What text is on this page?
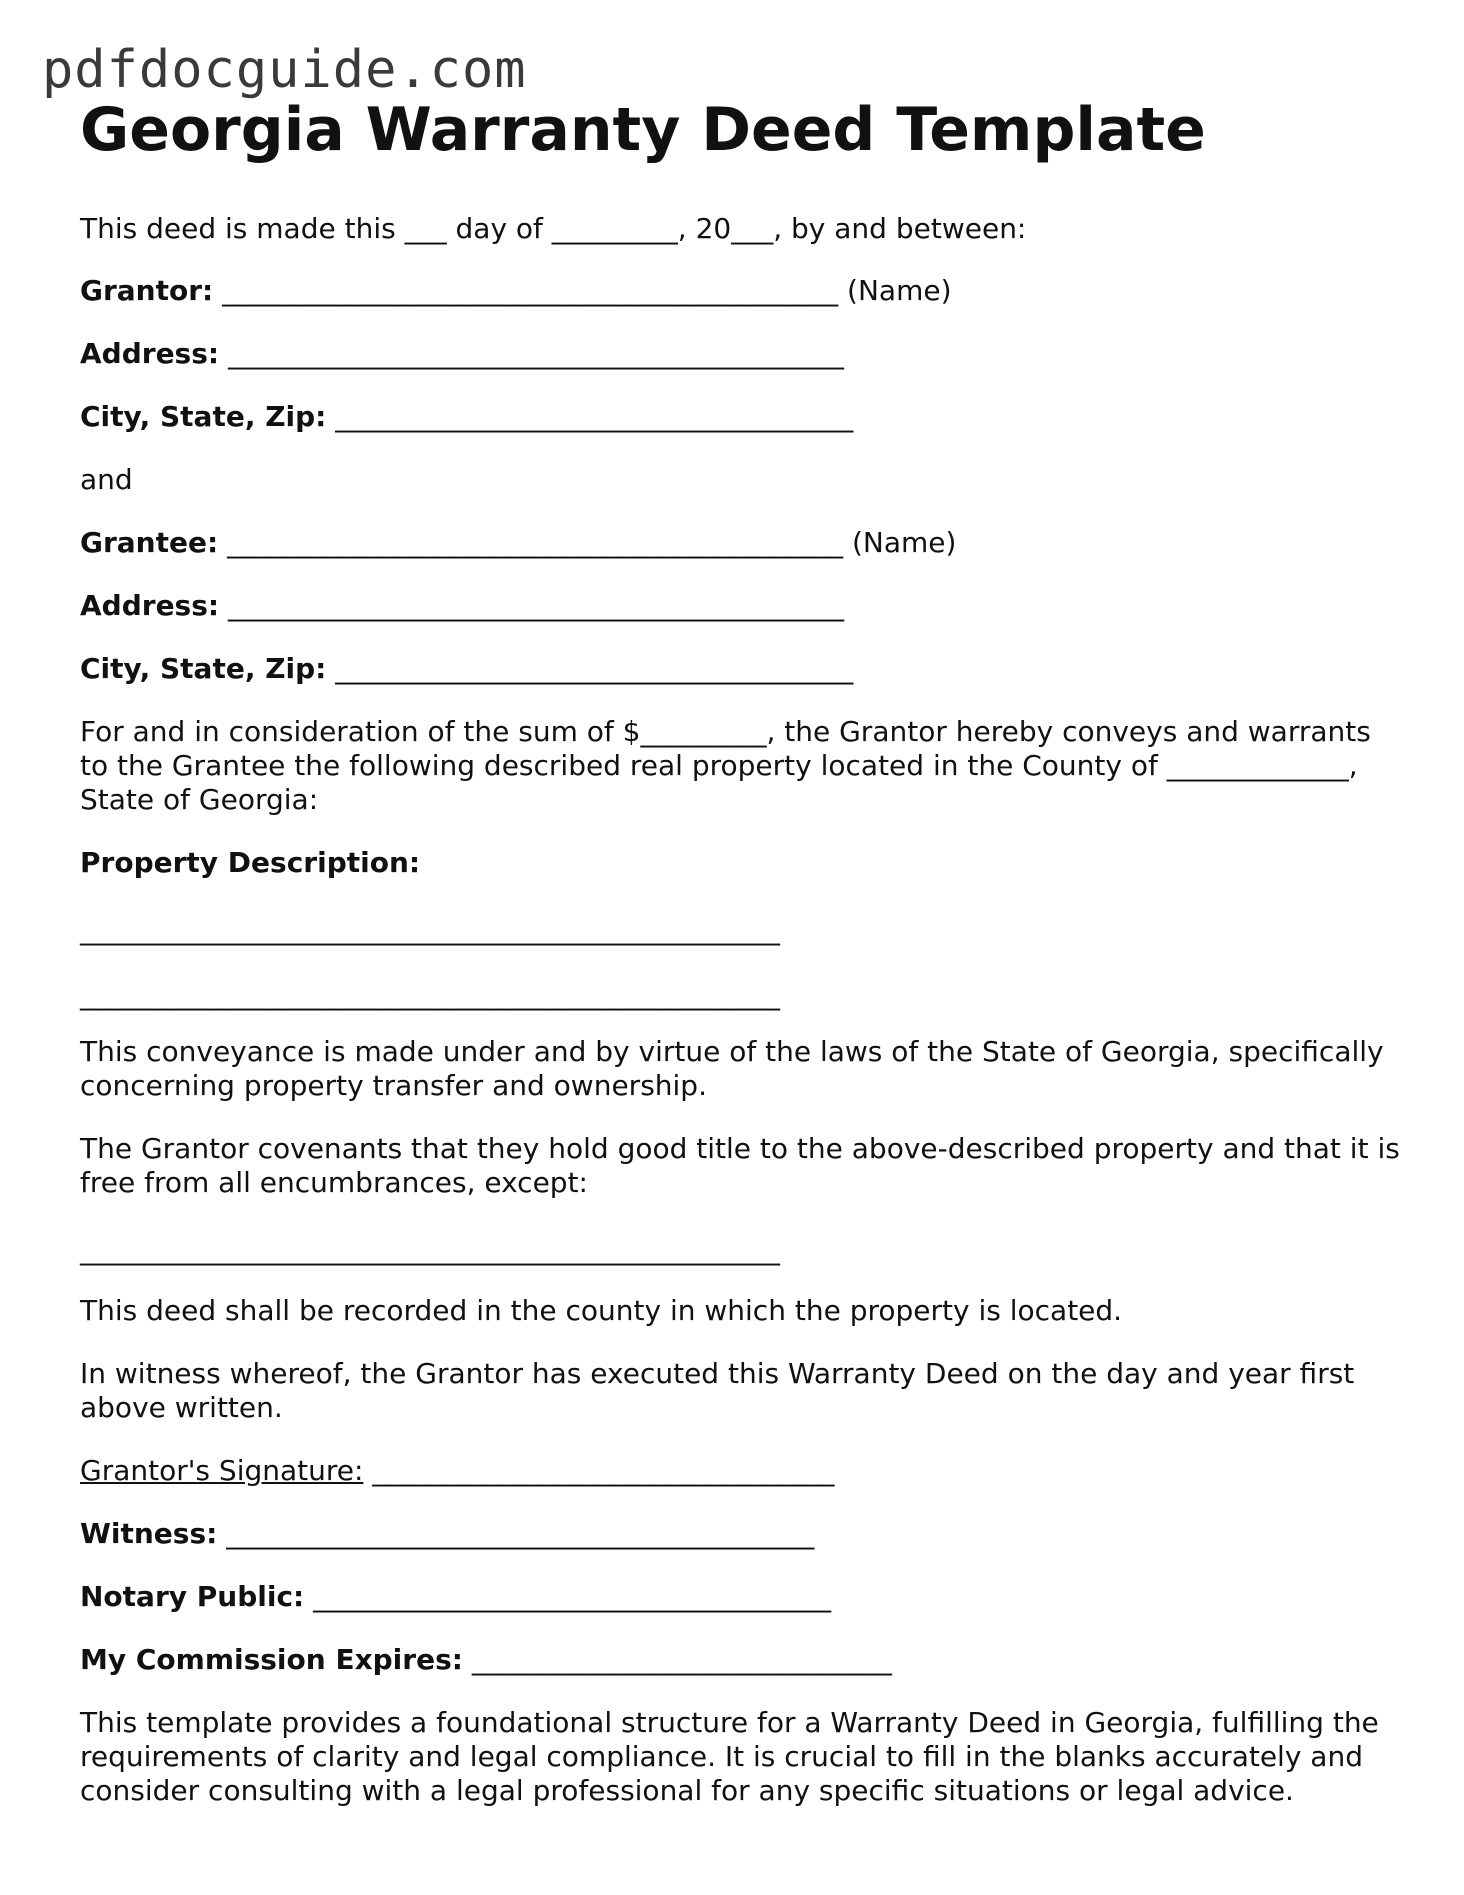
pdfdocguide.com
Georgia Warranty Deed Template

This deed is made this ___ day of _________, 20___, by and between:

Grantor: ____________________________________________ (Name)

Address: ____________________________________________

City, State, Zip: _____________________________________

and

Grantee: ____________________________________________ (Name)

Address: ____________________________________________

City, State, Zip: _____________________________________

For and in consideration of the sum of $_________, the Grantor hereby conveys and warrants to the Grantee the following described real property located in the County of _____________, State of Georgia:

Property Description:

__________________________________________________

__________________________________________________

This conveyance is made under and by virtue of the laws of the State of Georgia, specifically concerning property transfer and ownership.

The Grantor covenants that they hold good title to the above-described property and that it is free from all encumbrances, except:

__________________________________________________

This deed shall be recorded in the county in which the property is located.

In witness whereof, the Grantor has executed this Warranty Deed on the day and year first above written.

Grantor's Signature: _________________________________

Witness: __________________________________________

Notary Public: _____________________________________

My Commission Expires: ______________________________

This template provides a foundational structure for a Warranty Deed in Georgia, fulfilling the requirements of clarity and legal compliance. It is crucial to fill in the blanks accurately and consider consulting with a legal professional for any specific situations or legal advice.
